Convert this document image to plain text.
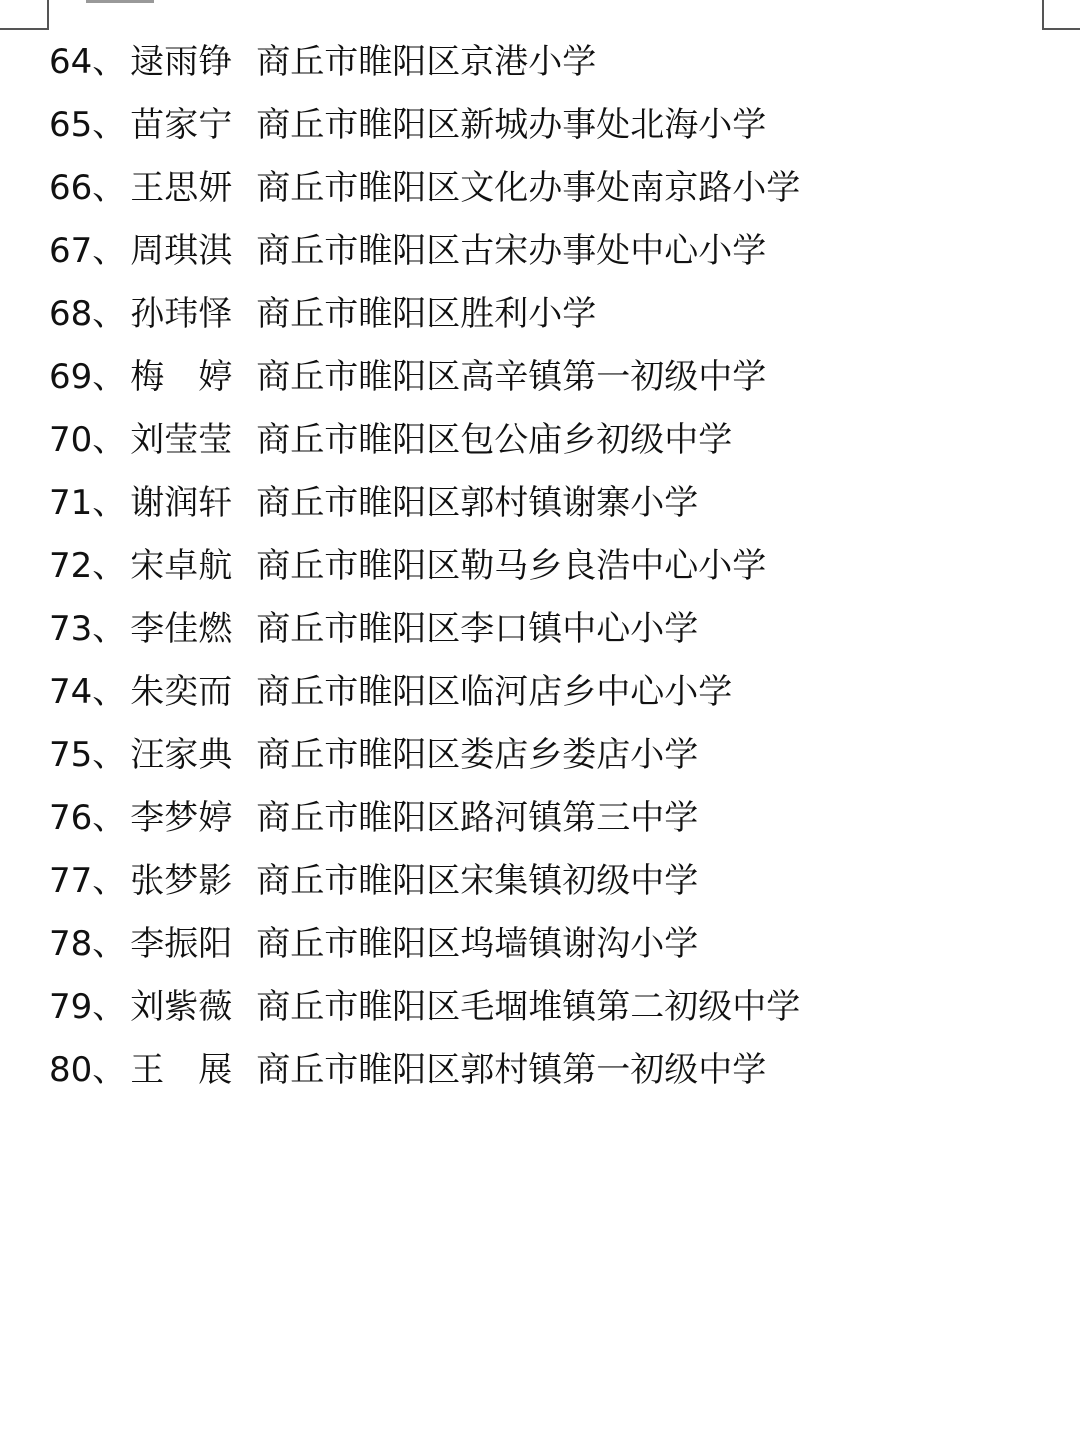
64 、 逯雨铮 商丘市睢阳区京港小学
65 、 苗家宁 商丘市睢阳区新城办事处北海小学
66 、 王思妍 商丘市睢阳区文化办事处南京路小学
67 、 周琪淇 商丘市睢阳区古宋办事处中心小学
68 、 孙玮怿 商丘市睢阳区胜利小学
69 、 梅　婷 商丘市睢阳区高辛镇第一初级中学
70 、 刘莹莹 商丘市睢阳区包公庙乡初级中学
71 、 谢润轩 商丘市睢阳区郭村镇谢寨小学
72 、 宋卓航 商丘市睢阳区勒马乡良浩中心小学
73 、 李佳燃 商丘市睢阳区李口镇中心小学
74 、 朱奕而 商丘市睢阳区临河店乡中心小学
75 、 汪家典 商丘市睢阳区娄店乡娄店小学
76 、 李梦婷 商丘市睢阳区路河镇第三中学
77 、 张梦影 商丘市睢阳区宋集镇初级中学
78 、 李振阳 商丘市睢阳区坞墙镇谢沟小学
79 、 刘紫薇 商丘市睢阳区毛堌堆镇第二初级中学
80 、 王　展 商丘市睢阳区郭村镇第一初级中学
